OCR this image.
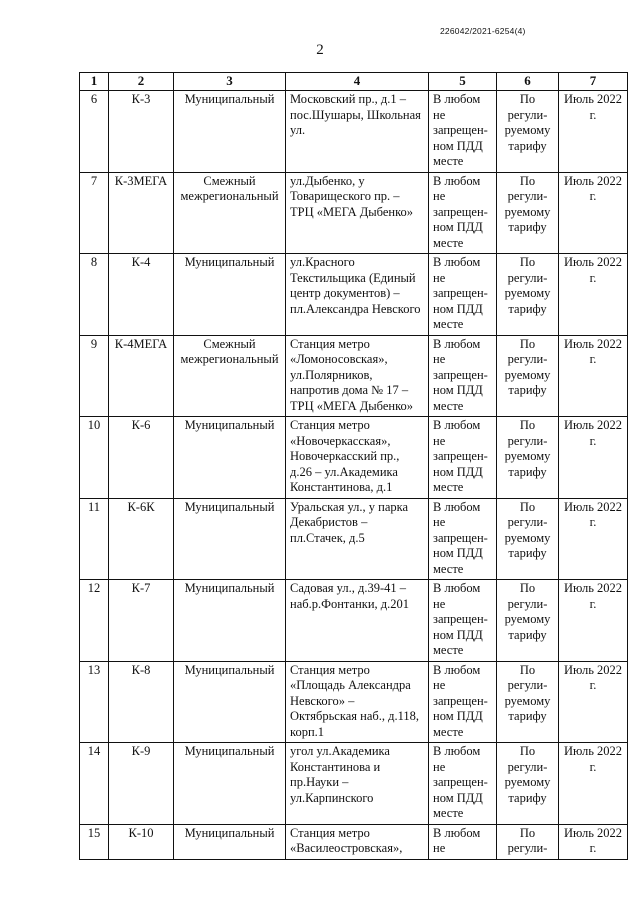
226042/2021-6254(4)
2
1	2	3	4	5	6	7
6	К-3	Муниципальный	Московский пр., д.1 – пос.Шушары, Школьная ул.	В любом не запрещен-ном ПДД месте	По регули-руемому тарифу	Июль 2022 г.
7	К-3МЕГА	Смежный межрегиональный	ул.Дыбенко, у Товарищеского пр. – ТРЦ «МЕГА Дыбенко»	В любом не запрещен-ном ПДД месте	По регули-руемому тарифу	Июль 2022 г.
8	К-4	Муниципальный	ул.Красного Текстильщика (Единый центр документов) – пл.Александра Невского	В любом не запрещен-ном ПДД месте	По регули-руемому тарифу	Июль 2022 г.
9	К-4МЕГА	Смежный межрегиональный	Станция метро «Ломоносовская», ул.Полярников, напротив дома № 17 – ТРЦ «МЕГА Дыбенко»	В любом не запрещен-ном ПДД месте	По регули-руемому тарифу	Июль 2022 г.
10	К-6	Муниципальный	Станция метро «Новочеркасская», Новочеркасский пр., д.26 – ул.Академика Константинова, д.1	В любом не запрещен-ном ПДД месте	По регули-руемому тарифу	Июль 2022 г.
11	К-6К	Муниципальный	Уральская ул., у парка Декабристов – пл.Стачек, д.5	В любом не запрещен-ном ПДД месте	По регули-руемому тарифу	Июль 2022 г.
12	К-7	Муниципальный	Садовая ул., д.39-41 – наб.р.Фонтанки, д.201	В любом не запрещен-ном ПДД месте	По регули-руемому тарифу	Июль 2022 г.
13	К-8	Муниципальный	Станция метро «Площадь Александра Невского» – Октябрьская наб., д.118, корп.1	В любом не запрещен-ном ПДД месте	По регули-руемому тарифу	Июль 2022 г.
14	К-9	Муниципальный	угол ул.Академика Константинова и пр.Науки – ул.Карпинского	В любом не запрещен-ном ПДД месте	По регули-руемому тарифу	Июль 2022 г.
15	К-10	Муниципальный	Станция метро «Василеостровская»,	В любом не	По регули-	Июль 2022 г.
